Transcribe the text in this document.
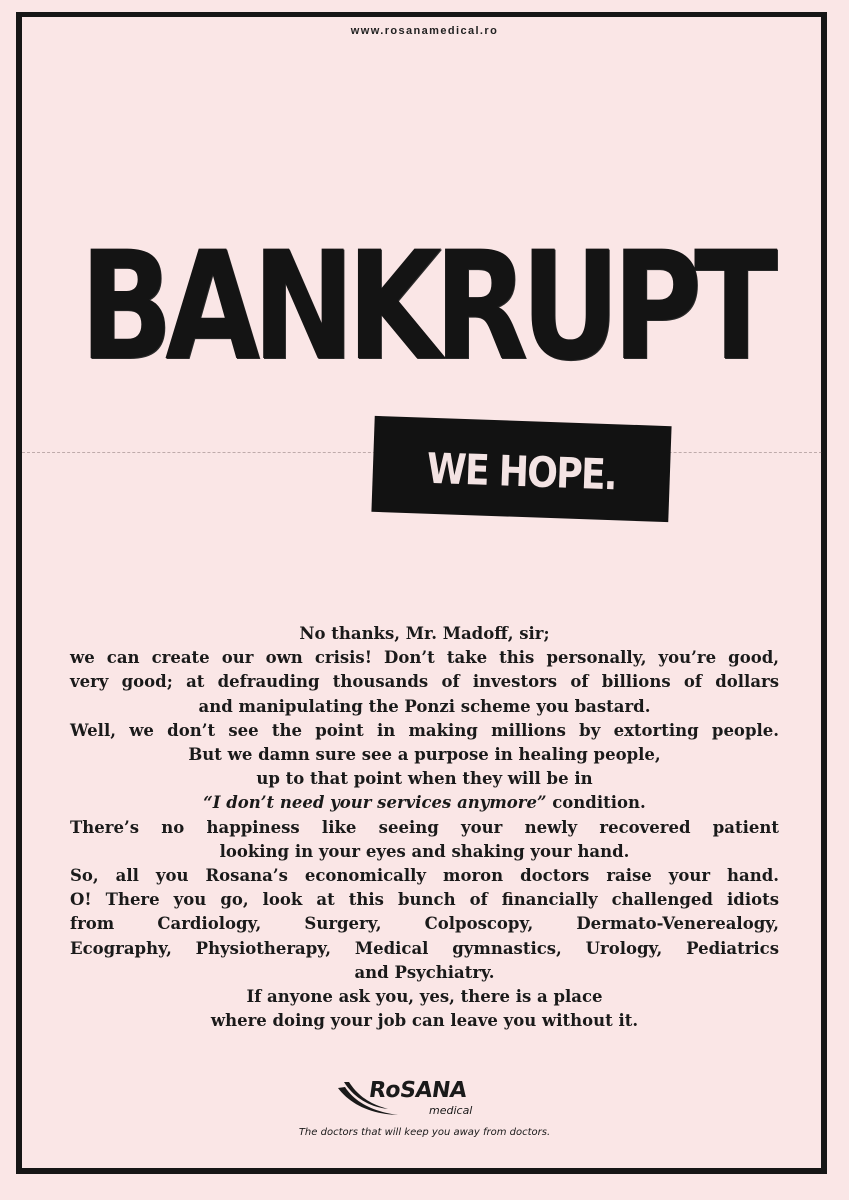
www.rosanamedical.ro
BANKRUPT
WE HOPE.
No thanks, Mr. Madoff, sir;
we can create our own crisis! Don’t take this personally, you’re good,
very good; at defrauding thousands of investors of billions of dollars
and manipulating the Ponzi scheme you bastard.
Well, we don’t see the point in making millions by extorting people.
But we damn sure see a purpose in healing people,
up to that point when they will be in
“I don’t need your services anymore” condition.
There’s no happiness like seeing your newly recovered patient
looking in your eyes and shaking your hand.
So, all you Rosana’s economically moron doctors raise your hand.
O! There you go, look at this bunch of financially challenged idiots
from Cardiology, Surgery, Colposcopy, Dermato-Venerealogy,
Ecography, Physiotherapy, Medical gymnastics, Urology, Pediatrics
and Psychiatry.
If anyone ask you, yes, there is a place
where doing your job can leave you without it.
RoSANA
medical
The doctors that will keep you away from doctors.
